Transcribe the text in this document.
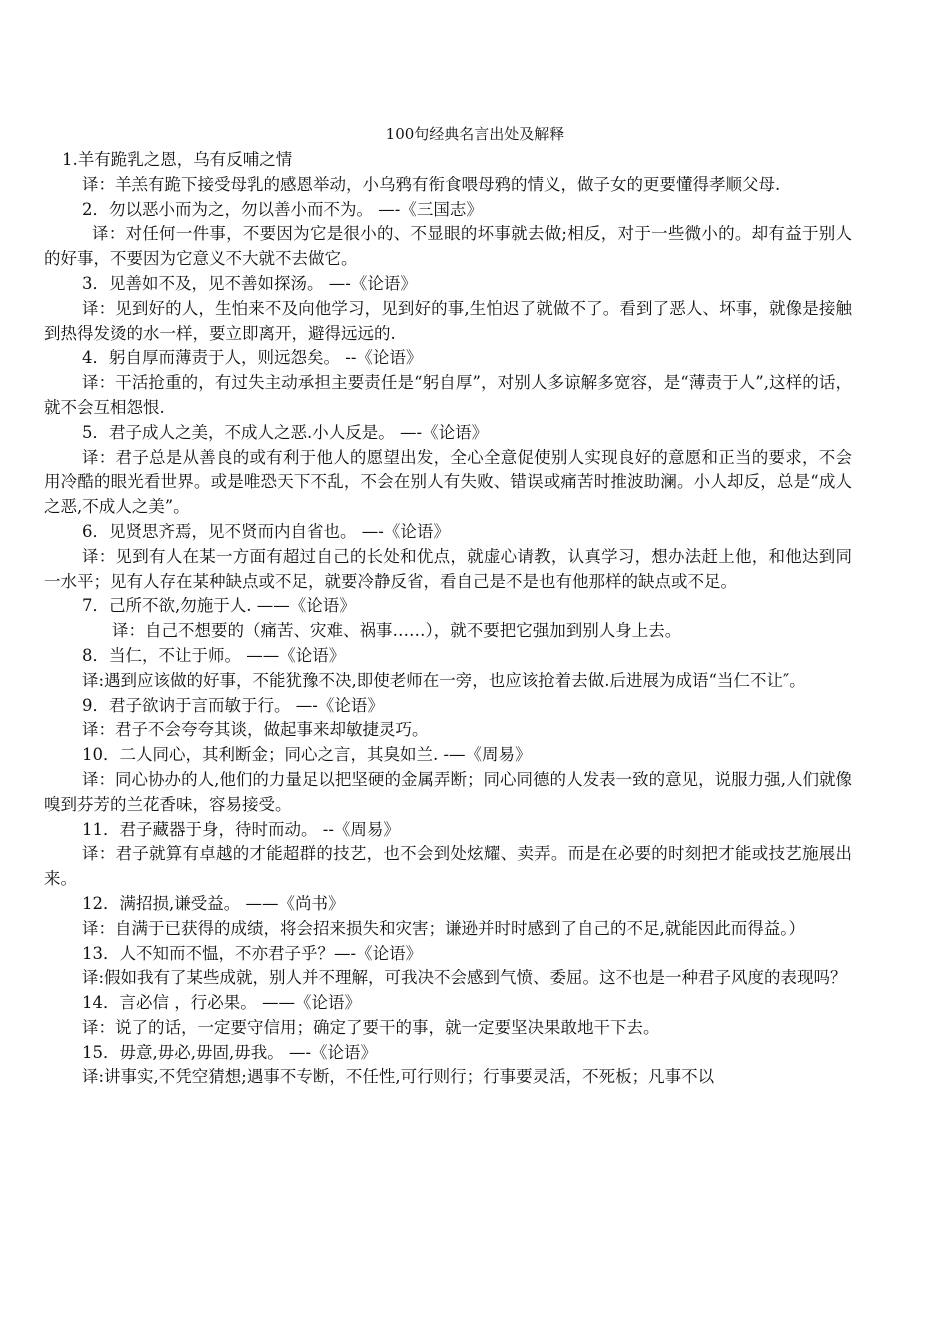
100句经典名言出处及解释

1.羊有跪乳之恩，乌有反哺之情

译：羊羔有跪下接受母乳的感恩举动，小乌鸦有衔食喂母鸦的情义，做子女的更要懂得孝顺父母.

2．勿以恶小而为之，勿以善小而不为。 —-《三国志》

译：对任何一件事，不要因为它是很小的、不显眼的坏事就去做;相反，对于一些微小的。却有益于别人的好事，不要因为它意义不大就不去做它。

3．见善如不及，见不善如探汤。 —-《论语》

译：见到好的人，生怕来不及向他学习，见到好的事,生怕迟了就做不了。看到了恶人、坏事，就像是接触到热得发烫的水一样，要立即离开，避得远远的.

4．躬自厚而薄责于人，则远怨矣。 --《论语》

译：干活抢重的，有过失主动承担主要责任是“躬自厚”，对别人多谅解多宽容，是“薄责于人”,这样的话，就不会互相怨恨.

5．君子成人之美，不成人之恶.小人反是。 —-《论语》

译：君子总是从善良的或有利于他人的愿望出发，全心全意促使别人实现良好的意愿和正当的要求，不会用冷酷的眼光看世界。或是唯恐天下不乱，不会在别人有失败、错误或痛苦时推波助澜。小人却反，总是“成人之恶,不成人之美”。

6．见贤思齐焉，见不贤而内自省也。 —-《论语》

译：见到有人在某一方面有超过自己的长处和优点，就虚心请教，认真学习，想办法赶上他，和他达到同一水平；见有人存在某种缺点或不足，就要冷静反省，看自己是不是也有他那样的缺点或不足。

7．己所不欲,勿施于人. ——《论语》

译：自己不想要的（痛苦、灾难、祸事……），就不要把它强加到别人身上去。

8．当仁，不让于师。 ——《论语》

译:遇到应该做的好事，不能犹豫不决,即使老师在一旁，也应该抢着去做.后进展为成语“当仁不让″。

9．君子欲讷于言而敏于行。 —-《论语》

译：君子不会夸夸其谈，做起事来却敏捷灵巧。

10．二人同心，其利断金；同心之言，其臭如兰. -—《周易》

译：同心协办的人,他们的力量足以把坚硬的金属弄断；同心同德的人发表一致的意见，说服力强,人们就像嗅到芬芳的兰花香味，容易接受。

11．君子藏器于身，待时而动。 --《周易》

译：君子就算有卓越的才能超群的技艺，也不会到处炫耀、卖弄。而是在必要的时刻把才能或技艺施展出来。

12．满招损,谦受益。 ——《尚书》

译：自满于已获得的成绩，将会招来损失和灾害；谦逊并时时感到了自己的不足,就能因此而得益。）

13．人不知而不愠，不亦君子乎？—-《论语》

译:假如我有了某些成就，别人并不理解，可我决不会感到气愤、委屈。这不也是一种君子风度的表现吗？

14．言必信 ，行必果。 ——《论语》

译：说了的话，一定要守信用；确定了要干的事，就一定要坚决果敢地干下去。

15．毋意,毋必,毋固,毋我。 —-《论语》

译:讲事实,不凭空猜想;遇事不专断，不任性,可行则行；行事要灵活，不死板；凡事不以
